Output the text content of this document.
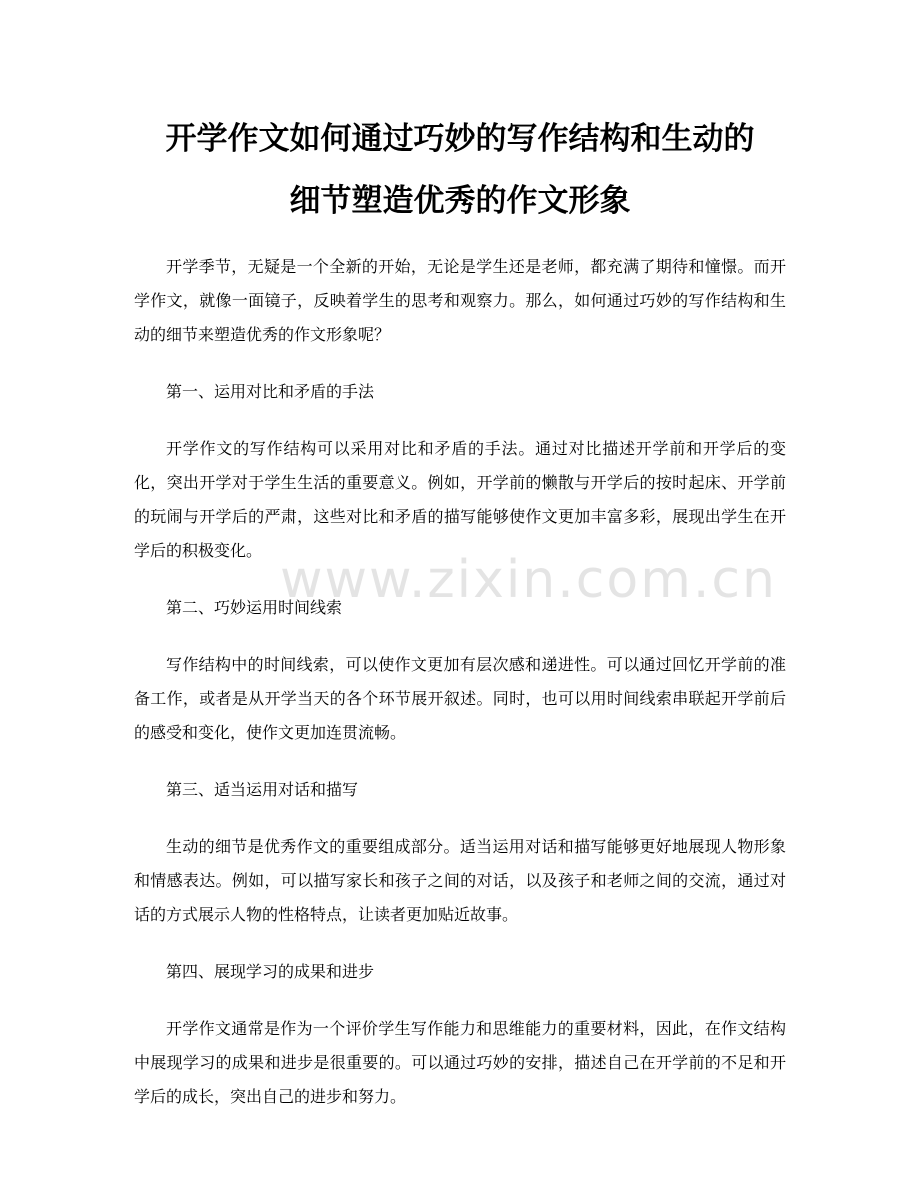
开学作文如何通过巧妙的写作结构和生动的
细节塑造优秀的作文形象

开学季节，无疑是一个全新的开始，无论是学生还是老师，都充满了期待和憧憬。而开学作文，就像一面镜子，反映着学生的思考和观察力。那么，如何通过巧妙的写作结构和生动的细节来塑造优秀的作文形象呢？

第一、运用对比和矛盾的手法

开学作文的写作结构可以采用对比和矛盾的手法。通过对比描述开学前和开学后的变化，突出开学对于学生生活的重要意义。例如，开学前的懒散与开学后的按时起床、开学前的玩闹与开学后的严肃，这些对比和矛盾的描写能够使作文更加丰富多彩，展现出学生在开学后的积极变化。

第二、巧妙运用时间线索

写作结构中的时间线索，可以使作文更加有层次感和递进性。可以通过回忆开学前的准备工作，或者是从开学当天的各个环节展开叙述。同时，也可以用时间线索串联起开学前后的感受和变化，使作文更加连贯流畅。

第三、适当运用对话和描写

生动的细节是优秀作文的重要组成部分。适当运用对话和描写能够更好地展现人物形象和情感表达。例如，可以描写家长和孩子之间的对话，以及孩子和老师之间的交流，通过对话的方式展示人物的性格特点，让读者更加贴近故事。

第四、展现学习的成果和进步

开学作文通常是作为一个评价学生写作能力和思维能力的重要材料，因此，在作文结构中展现学习的成果和进步是很重要的。可以通过巧妙的安排，描述自己在开学前的不足和开学后的成长，突出自己的进步和努力。

www.zixin.com.cn
